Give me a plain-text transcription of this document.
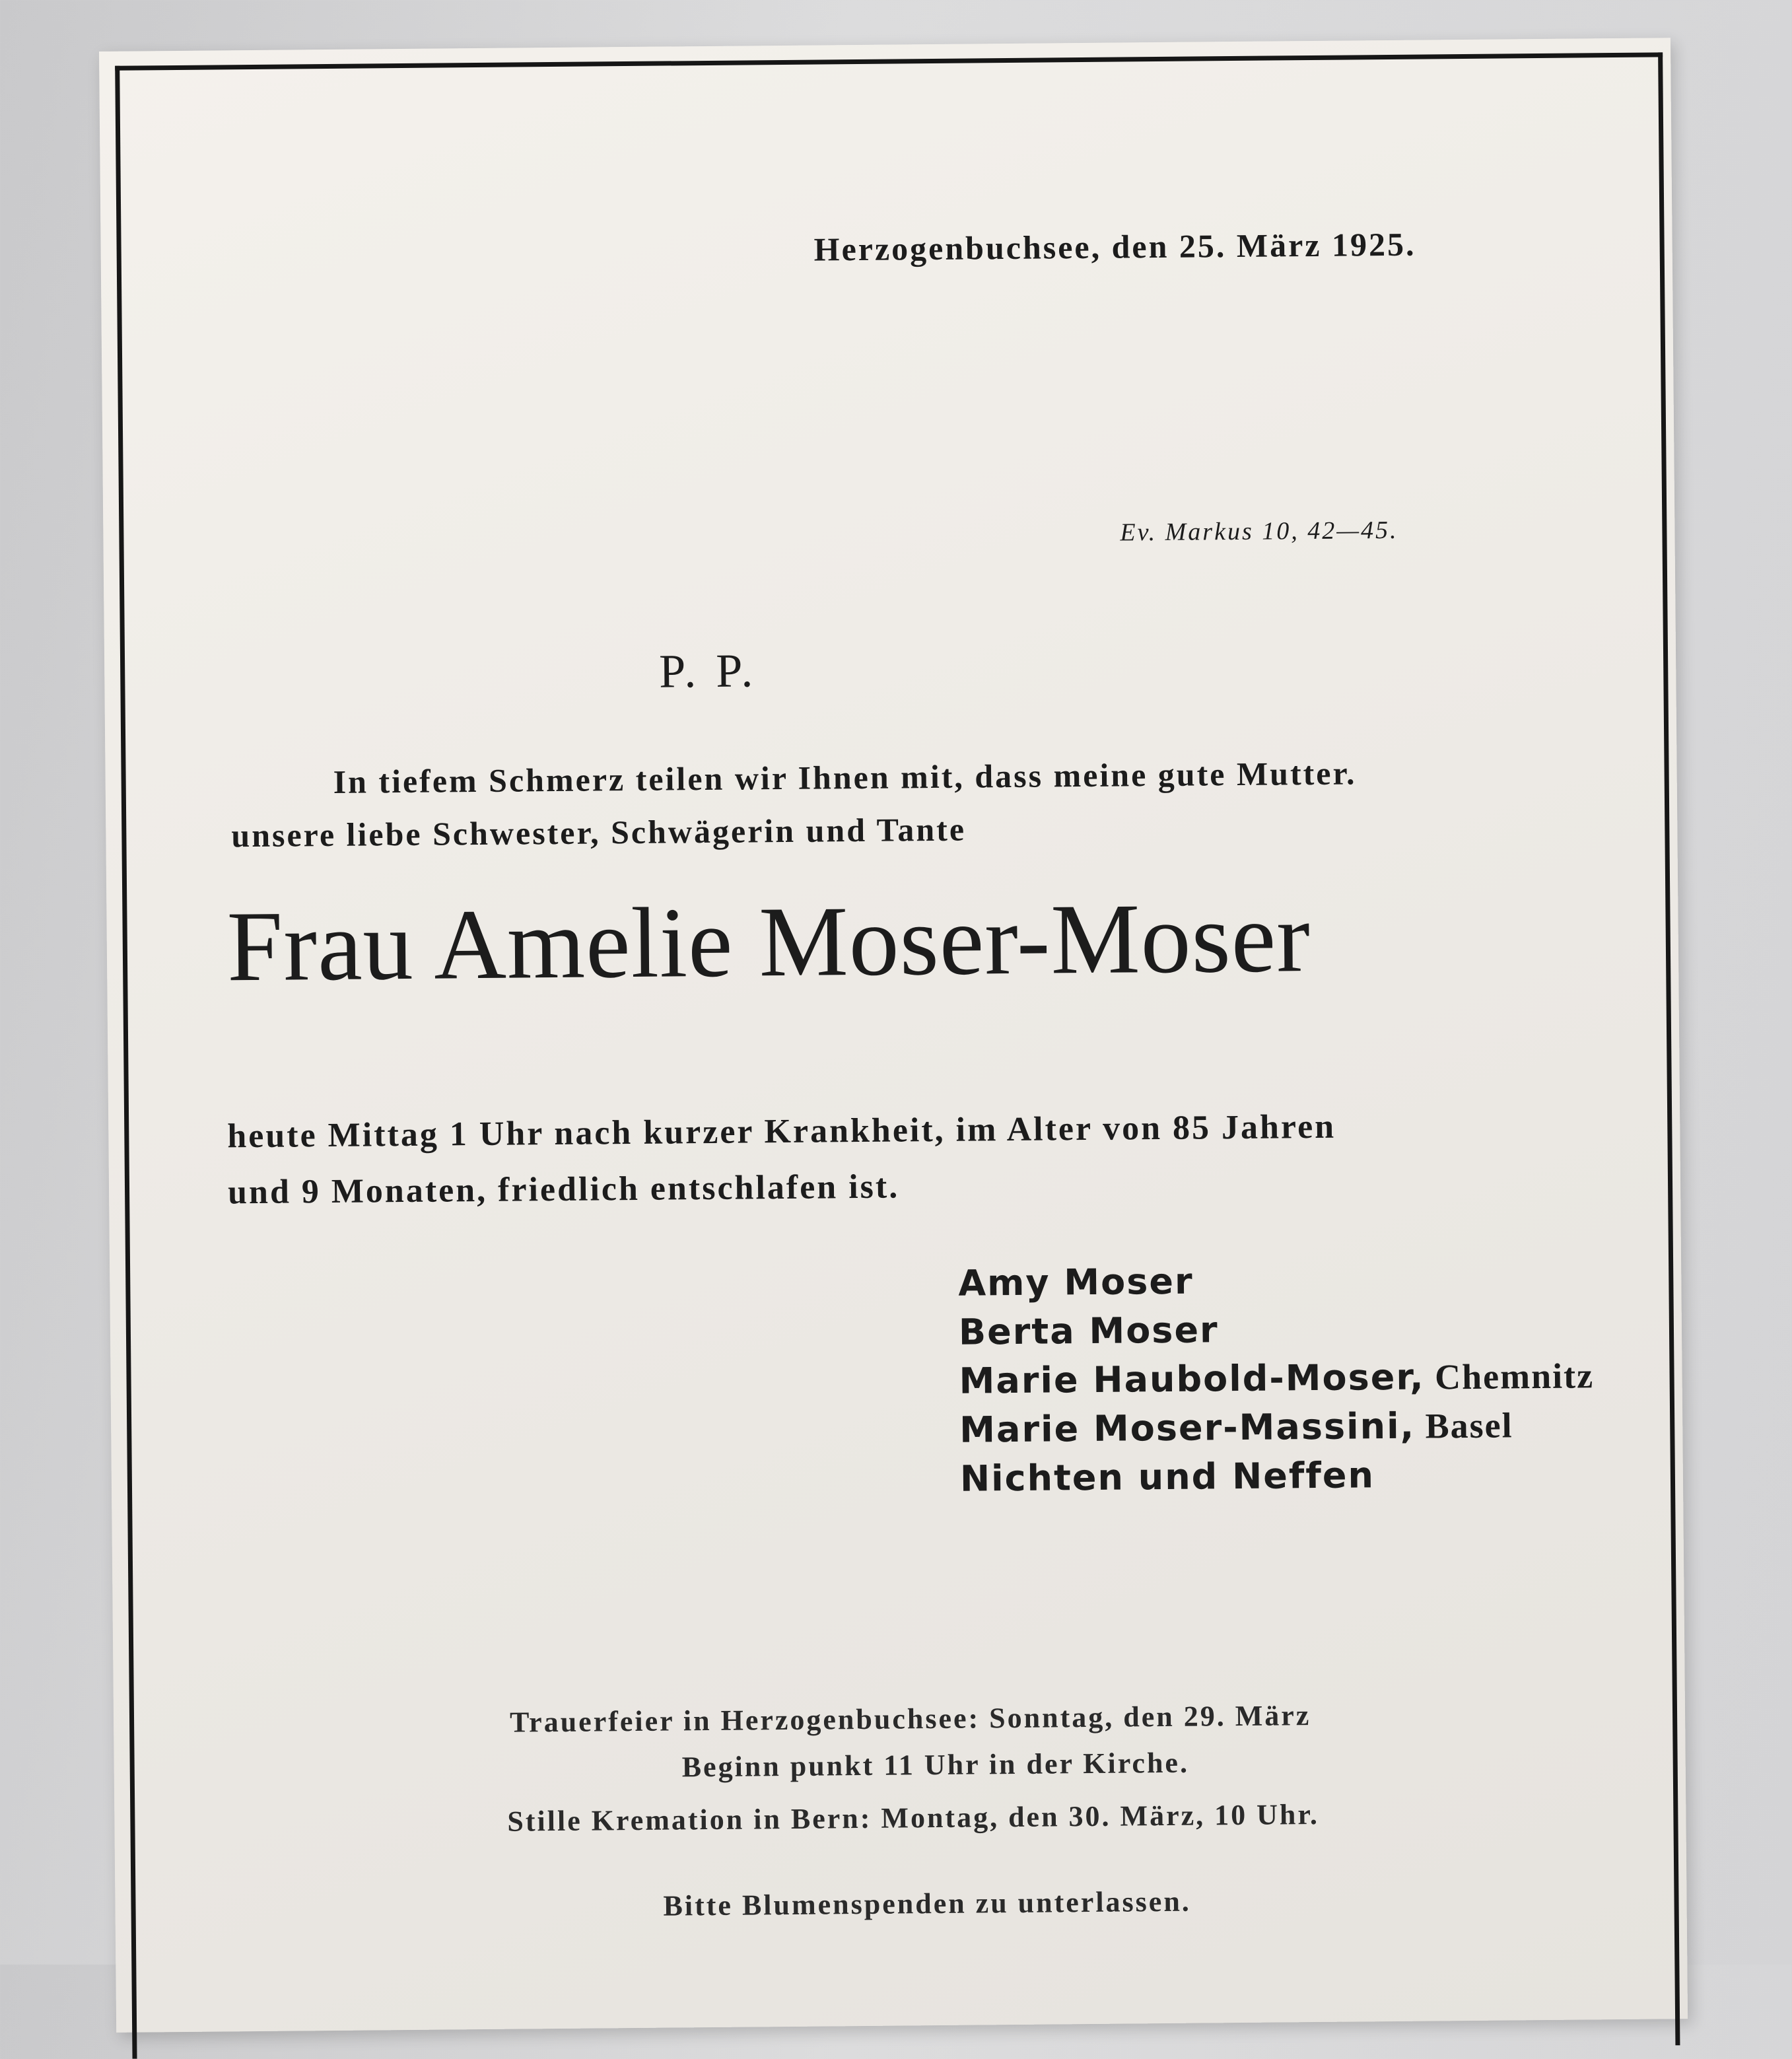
Herzogenbuchsee, den 25. März 1925.

Ev. Markus 10, 42—45.

P. P.

In tiefem Schmerz teilen wir Ihnen mit, dass meine gute Mutter.

unsere liebe Schwester, Schwägerin und Tante

Frau Amelie Moser-Moser

heute Mittag 1 Uhr nach kurzer Krankheit, im Alter von 85 Jahren

und 9 Monaten, friedlich entschlafen ist.

Amy Moser
Berta Moser
Marie Haubold-Moser, Chemnitz
Marie Moser-Massini, Basel
Nichten und Neffen

Trauerfeier in Herzogenbuchsee: Sonntag, den 29. März

Beginn punkt 11 Uhr in der Kirche.

Stille Kremation in Bern: Montag, den 30. März, 10 Uhr.

Bitte Blumenspenden zu unterlassen.
